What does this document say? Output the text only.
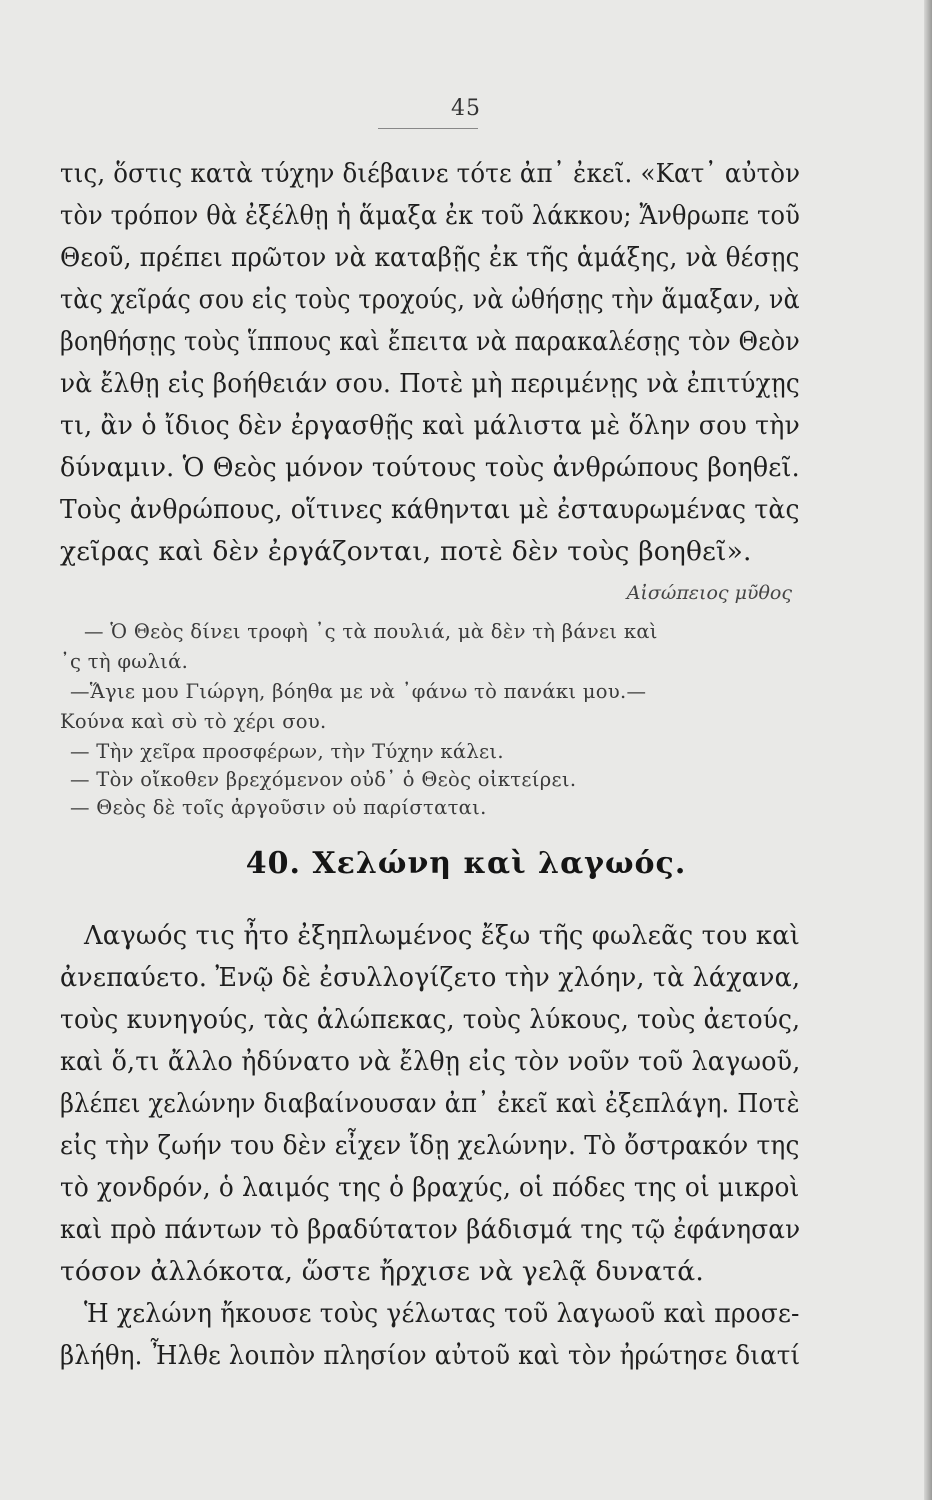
45
τις, ὅστις κατὰ τύχην διέβαινε τότε ἀπ᾽ ἐκεῖ. «Κατ᾽ αὐτὸν
τὸν τρόπον θὰ ἐξέλθῃ ἡ ἅμαξα ἐκ τοῦ λάκκου; Ἄνθρωπε τοῦ
Θεοῦ, πρέπει πρῶτον νὰ καταβῇς ἐκ τῆς ἁμάξης, νὰ θέσῃς
τὰς χεῖράς σου εἰς τοὺς τροχούς, νὰ ὠθήσῃς τὴν ἅμαξαν, νὰ
βοηθήσῃς τοὺς ἵππους καὶ ἔπειτα νὰ παρακαλέσῃς τὸν Θεὸν
νὰ ἔλθῃ εἰς βοήθειάν σου. Ποτὲ μὴ περιμένῃς νὰ ἐπιτύχῃς
τι, ἂν ὁ ἴδιος δὲν ἐργασθῇς καὶ μάλιστα μὲ ὅλην σου τὴν
δύναμιν. Ὁ Θεὸς μόνον τούτους τοὺς ἀνθρώπους βοηθεῖ.
Τοὺς ἀνθρώπους, οἵτινες κάθηνται μὲ ἐσταυρωμένας τὰς
χεῖρας καὶ δὲν ἐργάζονται, ποτὲ δὲν τοὺς βοηθεῖ».
Αἰσώπειος μῦθος
— Ὁ Θεὸς δίνει τροφὴ ᾽ς τὰ πουλιά, μὰ δὲν τὴ βάνει καὶ
᾽ς τὴ φωλιά.
—Ἅγιε μου Γιώργη, βόηθα με νὰ ᾽φάνω τὸ πανάκι μου.—
Κούνα καὶ σὺ τὸ χέρι σου.
— Τὴν χεῖρα προσφέρων, τὴν Τύχην κάλει.
— Τὸν οἴκοθεν βρεχόμενον οὐδ᾽ ὁ Θεὸς οἰκτείρει.
— Θεὸς δὲ τοῖς ἀργοῦσιν οὐ παρίσταται.
40. Χελώνη καὶ λαγωός.
Λαγωός τις ἦτο ἐξηπλωμένος ἔξω τῆς φωλεᾶς του καὶ
ἀνεπαύετο. Ἐνῷ δὲ ἐσυλλογίζετο τὴν χλόην, τὰ λάχανα,
τοὺς κυνηγούς, τὰς ἀλώπεκας, τοὺς λύκους, τοὺς ἀετούς,
καὶ ὅ,τι ἄλλο ἠδύνατο νὰ ἔλθῃ εἰς τὸν νοῦν τοῦ λαγωοῦ,
βλέπει χελώνην διαβαίνουσαν ἀπ᾽ ἐκεῖ καὶ ἐξεπλάγη. Ποτὲ
εἰς τὴν ζωήν του δὲν εἶχεν ἴδῃ χελώνην. Τὸ ὄστρακόν της
τὸ χονδρόν, ὁ λαιμός της ὁ βραχύς, οἱ πόδες της οἱ μικροὶ
καὶ πρὸ πάντων τὸ βραδύτατον βάδισμά της τῷ ἐφάνησαν
τόσον ἀλλόκοτα, ὥστε ἤρχισε νὰ γελᾷ δυνατά.
Ἡ χελώνη ἤκουσε τοὺς γέλωτας τοῦ λαγωοῦ καὶ προσε-
βλήθη. Ἦλθε λοιπὸν πλησίον αὐτοῦ καὶ τὸν ἠρώτησε διατί
